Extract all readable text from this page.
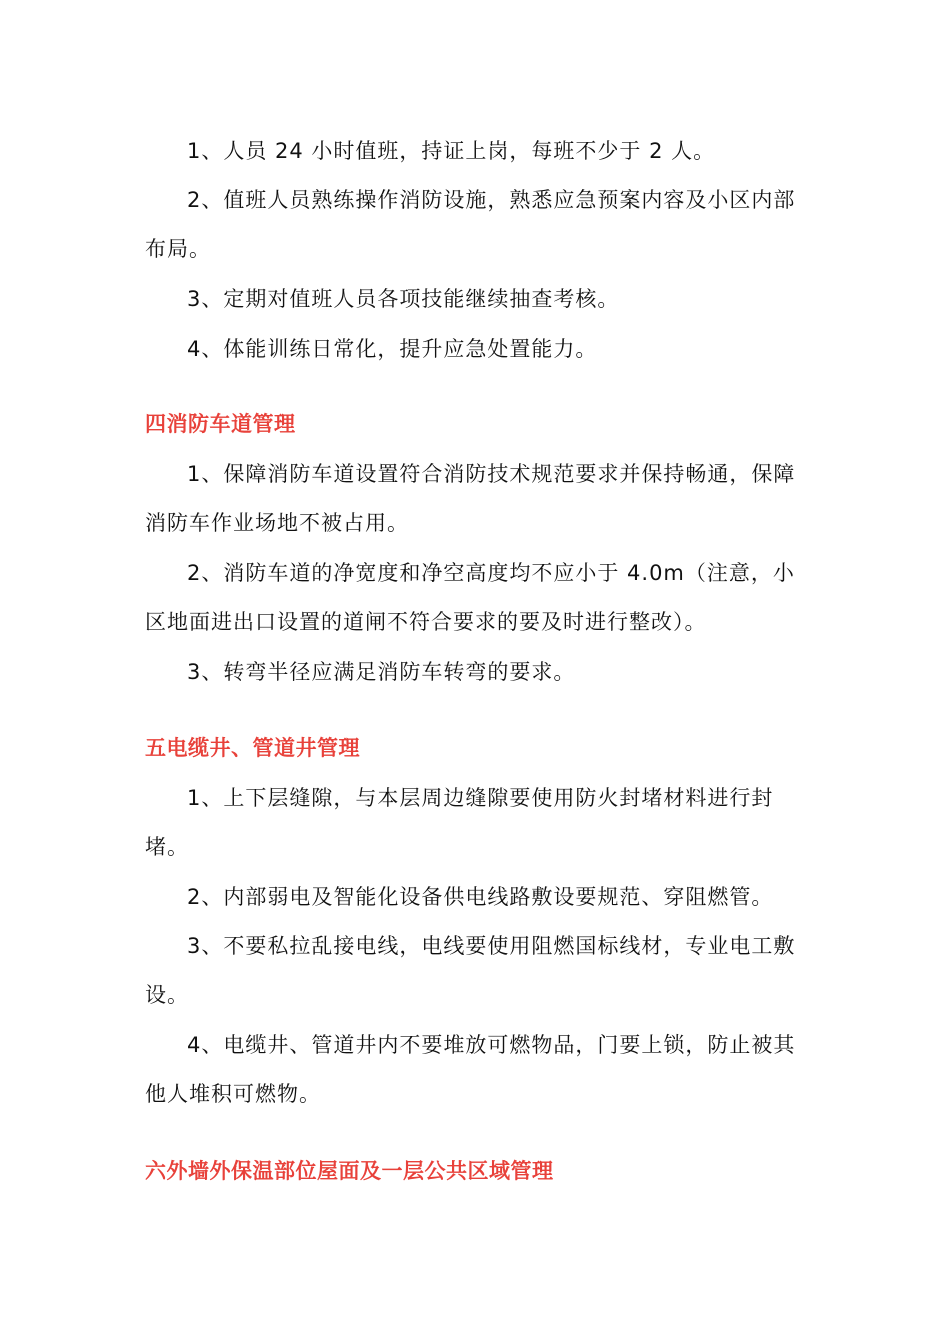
1、人员 24 小时值班，持证上岗，每班不少于 2 人。

2、值班人员熟练操作消防设施，熟悉应急预案内容及小区内部布局。

3、定期对值班人员各项技能继续抽查考核。

4、体能训练日常化，提升应急处置能力。

四消防车道管理

1、保障消防车道设置符合消防技术规范要求并保持畅通，保障消防车作业场地不被占用。

2、消防车道的净宽度和净空高度均不应小于 4.0m（注意，小区地面进出口设置的道闸不符合要求的要及时进行整改）。

3、转弯半径应满足消防车转弯的要求。

五电缆井、管道井管理

1、上下层缝隙，与本层周边缝隙要使用防火封堵材料进行封堵。

2、内部弱电及智能化设备供电线路敷设要规范、穿阻燃管。

3、不要私拉乱接电线，电线要使用阻燃国标线材，专业电工敷设。

4、电缆井、管道井内不要堆放可燃物品，门要上锁，防止被其他人堆积可燃物。

六外墙外保温部位屋面及一层公共区域管理
